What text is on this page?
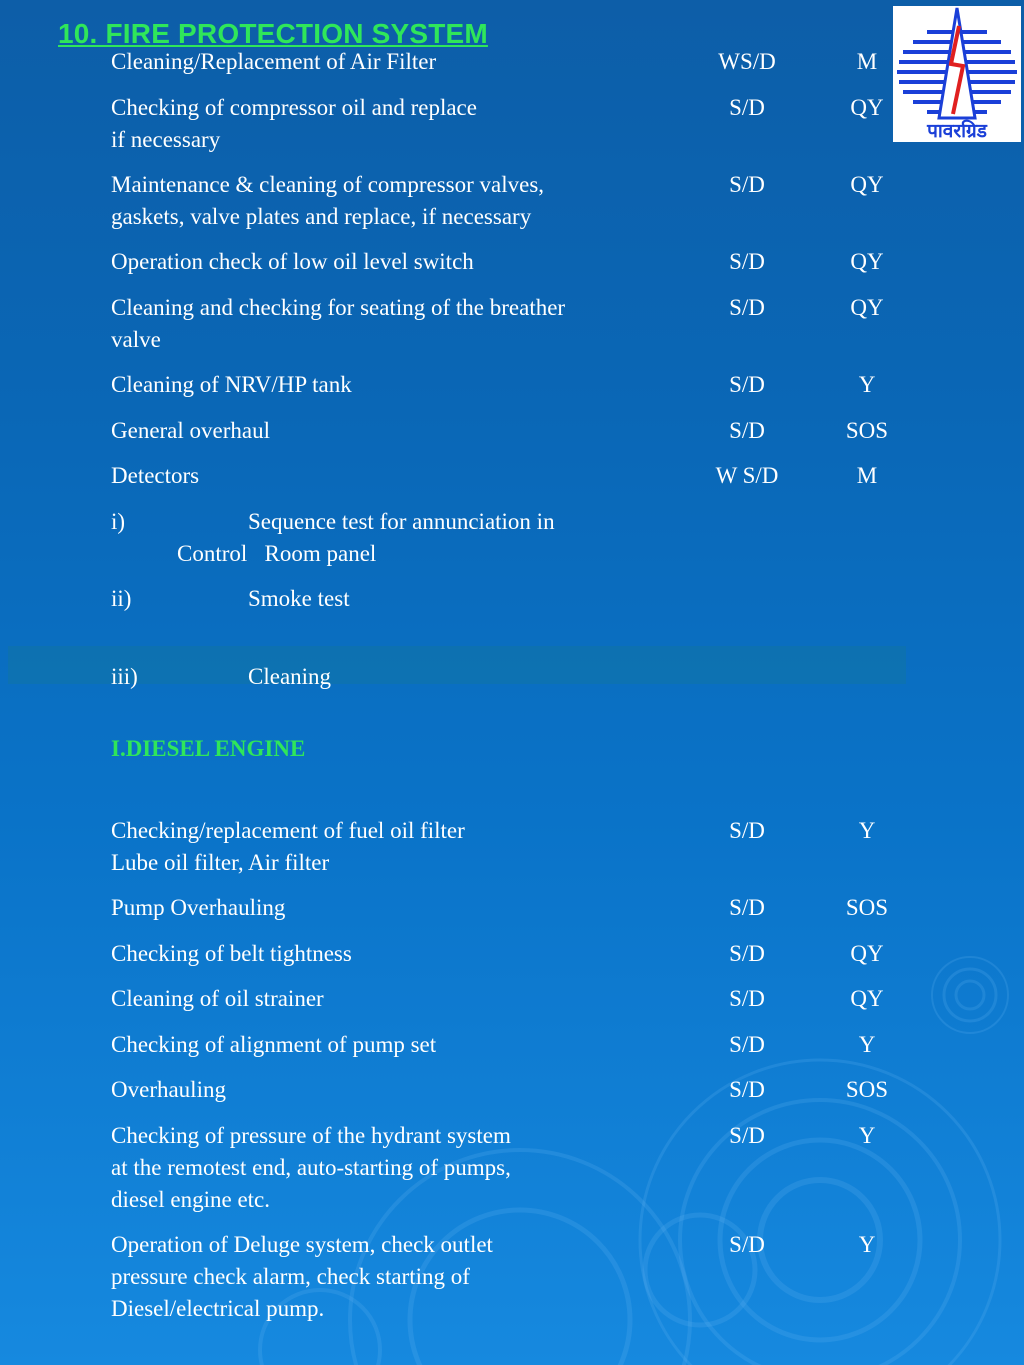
10. FIRE PROTECTION SYSTEM
पावरग्रिड
Cleaning/Replacement of Air Filter	WS/D	M
Checking of compressor oil and replace
if necessary
S/D	QY
Maintenance & cleaning of compressor valves,
gaskets, valve plates and replace, if necessary
S/D	QY
Operation check of low oil level switch	S/D	QY
Cleaning and checking for seating of the breather
valve
S/D	QY
Cleaning of NRV/HP tank	S/D	Y
General overhaul	S/D	SOS
Detectors	W S/D	M
i)	Sequence test for annunciation in
Control   Room panel
ii)	Smoke test
iii)	Cleaning
I.DIESEL ENGINE
Checking/replacement of fuel oil filter
Lube oil filter, Air filter
S/D	Y
Pump Overhauling	S/D	SOS
Checking of belt tightness	S/D	QY
Cleaning of oil strainer	S/D	QY
Checking of alignment of pump set	S/D	Y
Overhauling	S/D	SOS
Checking of pressure of the hydrant system
at the remotest end, auto-starting of pumps,
diesel engine etc.
S/D	Y
Operation of Deluge system, check outlet
pressure check alarm, check starting of
Diesel/electrical pump.
S/D	Y
